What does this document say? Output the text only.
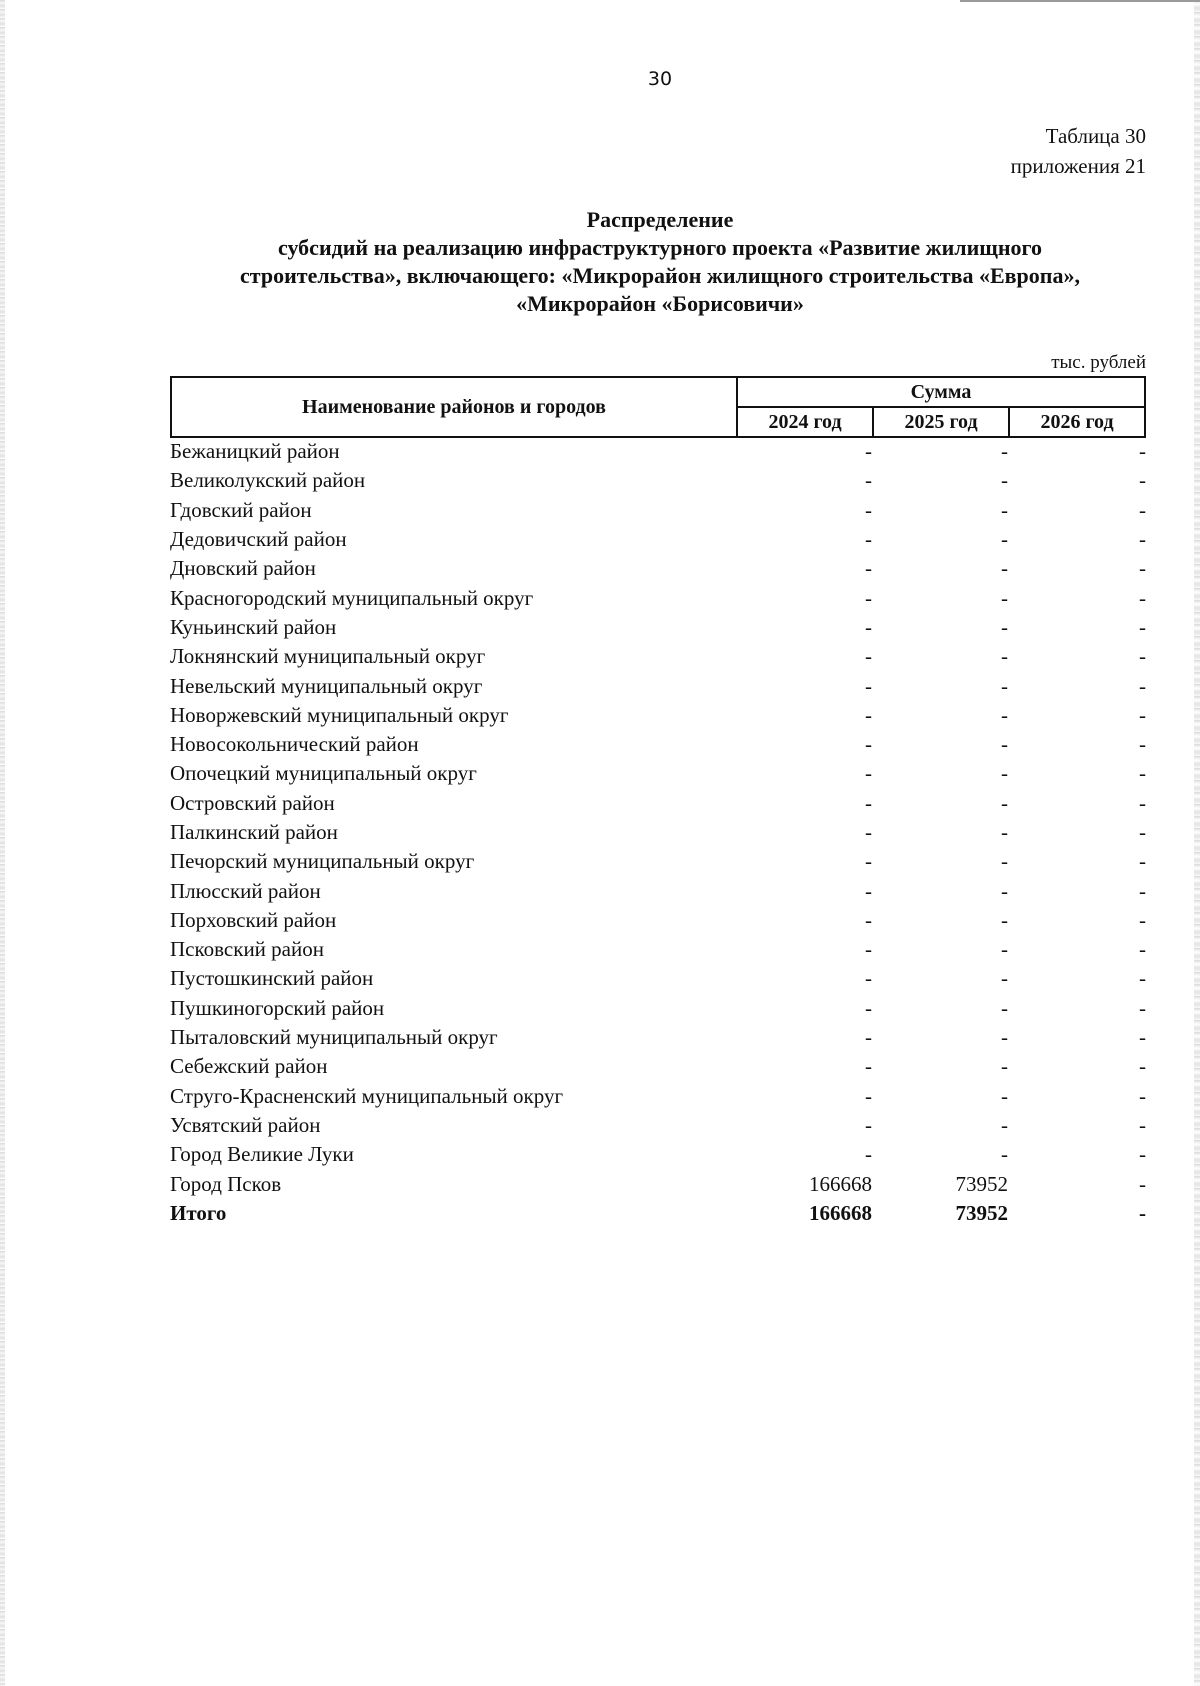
30
Таблица 30
приложения 21
Распределение
субсидий на реализацию инфраструктурного проекта «Развитие жилищного
строительства», включающего: «Микрорайон жилищного строительства «Европа»,
«Микрорайон «Борисовичи»
тыс. рублей
Наименование районов и городов	Сумма		
	2024 год	2025 год	2026 год
Бежаницкий район	-	-	-
Великолукский район	-	-	-
Гдовский район	-	-	-
Дедовичский район	-	-	-
Дновский район	-	-	-
Красногородский муниципальный округ	-	-	-
Куньинский район	-	-	-
Локнянский муниципальный округ	-	-	-
Невельский муниципальный округ	-	-	-
Новоржевский муниципальный округ	-	-	-
Новосокольнический район	-	-	-
Опочецкий муниципальный округ	-	-	-
Островский район	-	-	-
Палкинский район	-	-	-
Печорский муниципальный округ	-	-	-
Плюсский район	-	-	-
Порховский район	-	-	-
Псковский район	-	-	-
Пустошкинский район	-	-	-
Пушкиногорский район	-	-	-
Пыталовский муниципальный округ	-	-	-
Себежский район	-	-	-
Струго-Красненский муниципальный округ	-	-	-
Усвятский район	-	-	-
Город Великие Луки	-	-	-
Город Псков	166668	73952	-
Итого	166668	73952	-
